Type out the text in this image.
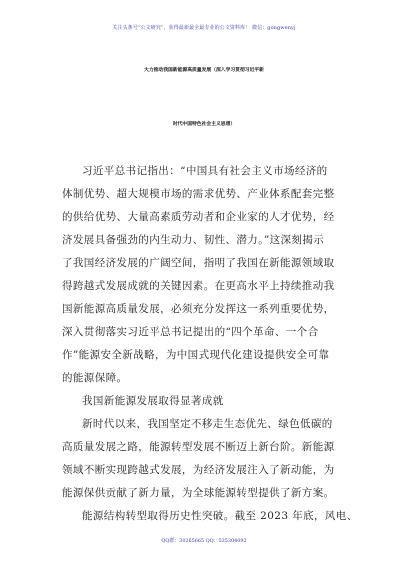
关注头条号“公文研究”，获得最新最全最专业的公文资料库！ 微信：gongwenyj
大力推动我国新能源高质量发展（深入学习贯彻习近平新
时代中国特色社会主义思想）
习近平总书记指出：“中国具有社会主义市场经济的
体制优势、超大规模市场的需求优势、产业体系配套完整
的供给优势、大量高素质劳动者和企业家的人才优势，经
济发展具备强劲的内生动力、韧性、潜力。”这深刻揭示
了我国经济发展的广阔空间，指明了我国在新能源领域取
得跨越式发展成就的关键因素。在更高水平上持续推动我
国新能源高质量发展，必须充分发挥这一系列重要优势，
深入贯彻落实习近平总书记提出的“四个革命、一个合
作”能源安全新战略，为中国式现代化建设提供安全可靠
的能源保障。
我国新能源发展取得显著成就
新时代以来，我国坚定不移走生态优先、绿色低碳的
高质量发展之路，能源转型发展不断迈上新台阶。新能源
领域不断实现跨越式发展，为经济发展注入了新动能，为
能源保供贡献了新力量，为全球能源转型提供了新方案。
能源结构转型取得历史性突破。截至 2023 年底，风电、
QQ群：30265665 QQ：535304092
